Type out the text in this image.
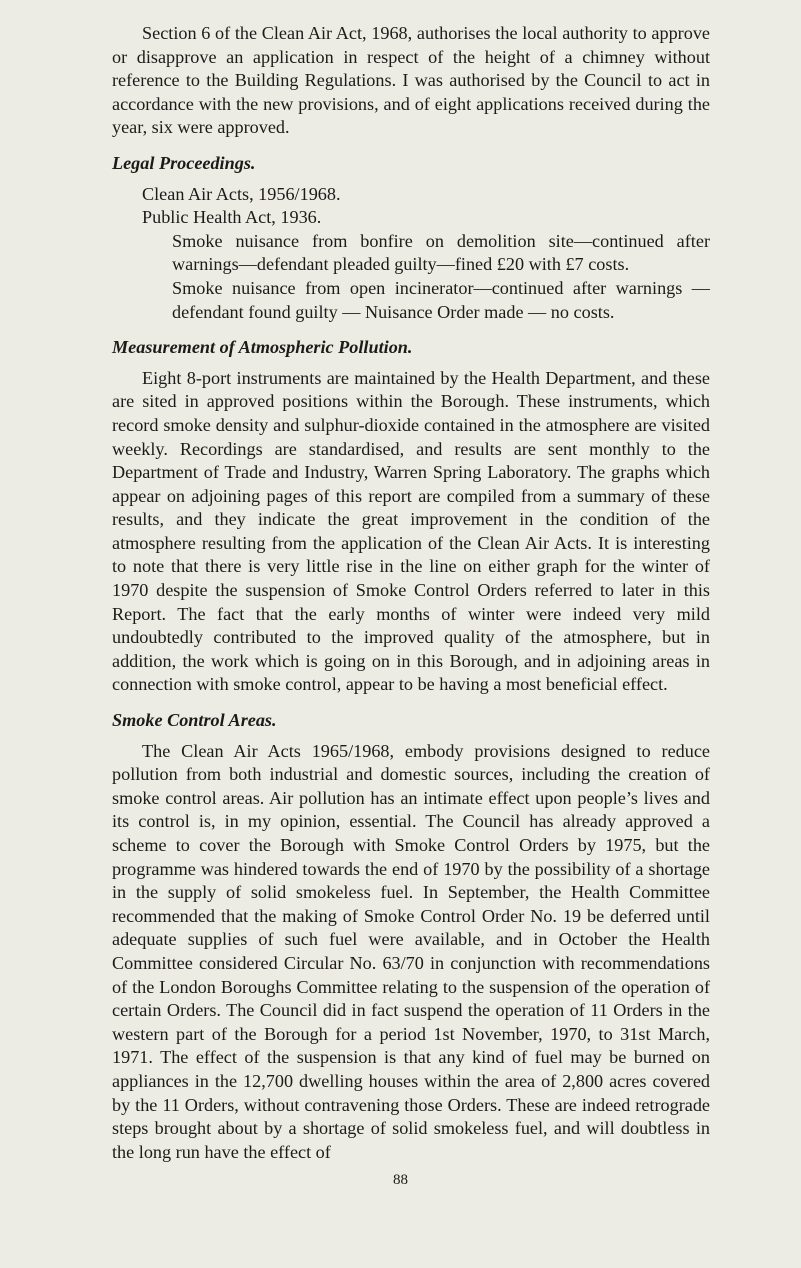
Section 6 of the Clean Air Act, 1968, authorises the local authority to approve or disapprove an application in respect of the height of a chimney without reference to the Building Regulations. I was authorised by the Council to act in accordance with the new provisions, and of eight applications received during the year, six were approved.

Legal Proceedings.
Clean Air Acts, 1956/1968.
Public Health Act, 1936.

Smoke nuisance from bonfire on demolition site—continued after warnings—defendant pleaded guilty—fined £20 with £7 costs.

Smoke nuisance from open incinerator—continued after warnings — defendant found guilty — Nuisance Order made — no costs.

Measurement of Atmospheric Pollution.

Eight 8-port instruments are maintained by the Health Department, and these are sited in approved positions within the Borough. These instruments, which record smoke density and sulphur-dioxide contained in the atmosphere are visited weekly. Recordings are standardised, and results are sent monthly to the Department of Trade and Industry, Warren Spring Laboratory. The graphs which appear on adjoining pages of this report are compiled from a summary of these results, and they indicate the great improvement in the condition of the atmosphere resulting from the application of the Clean Air Acts. It is interesting to note that there is very little rise in the line on either graph for the winter of 1970 despite the suspension of Smoke Control Orders referred to later in this Report. The fact that the early months of winter were indeed very mild undoubtedly contributed to the improved quality of the atmosphere, but in addition, the work which is going on in this Borough, and in adjoining areas in connection with smoke control, appear to be having a most beneficial effect.

Smoke Control Areas.

The Clean Air Acts 1965/1968, embody provisions designed to reduce pollution from both industrial and domestic sources, including the creation of smoke control areas. Air pollution has an intimate effect upon people’s lives and its control is, in my opinion, essential. The Council has already approved a scheme to cover the Borough with Smoke Control Orders by 1975, but the programme was hindered towards the end of 1970 by the possibility of a shortage in the supply of solid smokeless fuel. In September, the Health Committee recommended that the making of Smoke Control Order No. 19 be deferred until adequate supplies of such fuel were available, and in October the Health Committee considered Circular No. 63/70 in conjunction with recommendations of the London Boroughs Committee relating to the suspension of the operation of certain Orders. The Council did in fact suspend the operation of 11 Orders in the western part of the Borough for a period 1st November, 1970, to 31st March, 1971. The effect of the suspension is that any kind of fuel may be burned on appliances in the 12,700 dwelling houses within the area of 2,800 acres covered by the 11 Orders, without contravening those Orders. These are indeed retrograde steps brought about by a shortage of solid smokeless fuel, and will doubtless in the long run have the effect of

88
